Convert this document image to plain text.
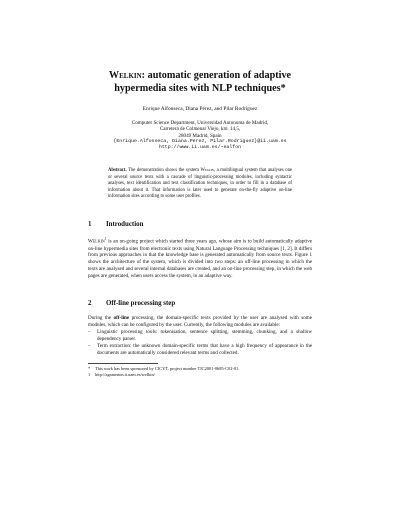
Welkin: automatic generation of adaptive
hypermedia sites with NLP techniques*
Enrique Alfonseca, Diana Pérez, and Pilar Rodríguez
Computer Science Department, Universidad Autonoma de Madrid,
Carretera de Colmenar Viejo, km. 14,5,
28049 Madrid, Spain
{Enrique.Alfonseca, Diana.Perez, Pilar.Rodriguez}@ii.uam.es
http://www.ii.uam.es/~ealfon
Abstract. The demonstration shows the system Welkin, a multilingual system that analyses one or several source texts with a cascade of linguistic-processing modules, including syntactic analyses, text identification and text classification techniques, in order to fill in a database of information about it. That information is later used to generate on-the-fly adaptive on-line information sites according to some user profiles.
1 Introduction
Welkin$^1$ is an on-going project which started three years ago, whose aim is to build automatically adaptive on-line hypermedia sites from electronic texts using Natural Language Processing techniques [1, 2]. It differs from previous approaches in that the knowledge base is generated automatically from source texts. Figure 1 shows the architecture of the system, which is divided into two steps: an off-line processing in which the texts are analysed and several internal databases are created, and an on-line processing step, in which the web pages are generated, when users access the system, in an adaptive way.
2 Off-line processing step
During the off-line processing, the domain-specific texts provided by the user are analysed with some modules, which can be configured by the user. Currently, the following modules are available:
– Linguistic processing tools: tokenisation, sentence splitting, stemming, chunking, and a shallow dependency parser.
– Term extraction: the unknown domain-specific terms that have a high frequency of appearance in the documents are automatically considered relevant terms and collected.
* This work has been sponsored by CICYT, project number TIC2001-0685-C02-01.
1 http://agamenon.ii.uam.es/welkin/
